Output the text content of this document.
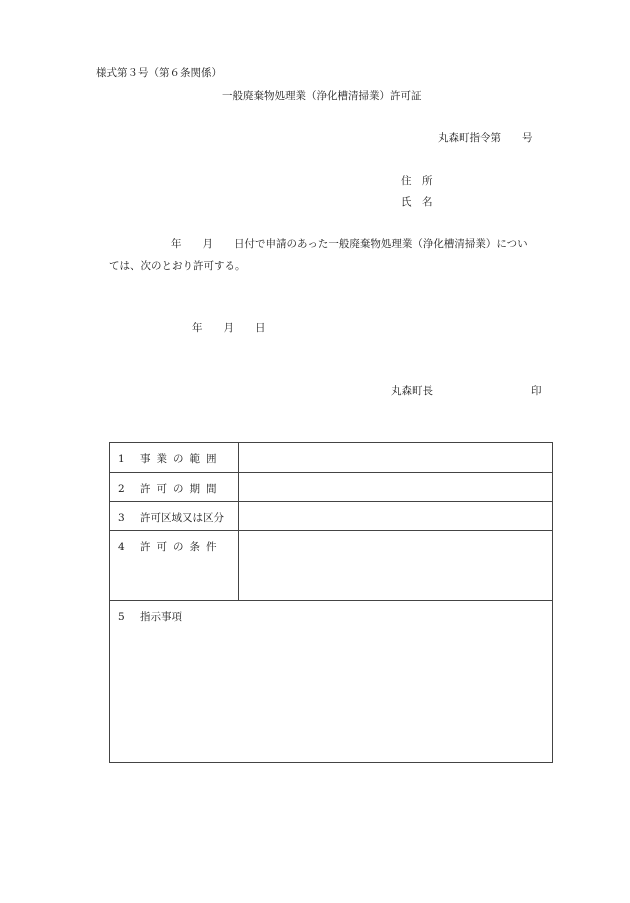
様式第３号（第６条関係）
一般廃棄物処理業（浄化槽清掃業）許可証
丸森町指令第　　号
住　所
氏　名
年　　月　　日付で申請のあった一般廃棄物処理業（浄化槽清掃業）につい
ては、次のとおり許可する。
年　　月　　日
丸森町長	印
1 事業の範囲
2 許可の期間
3 許可区域又は区分
4 許可の条件
5 指示事項
